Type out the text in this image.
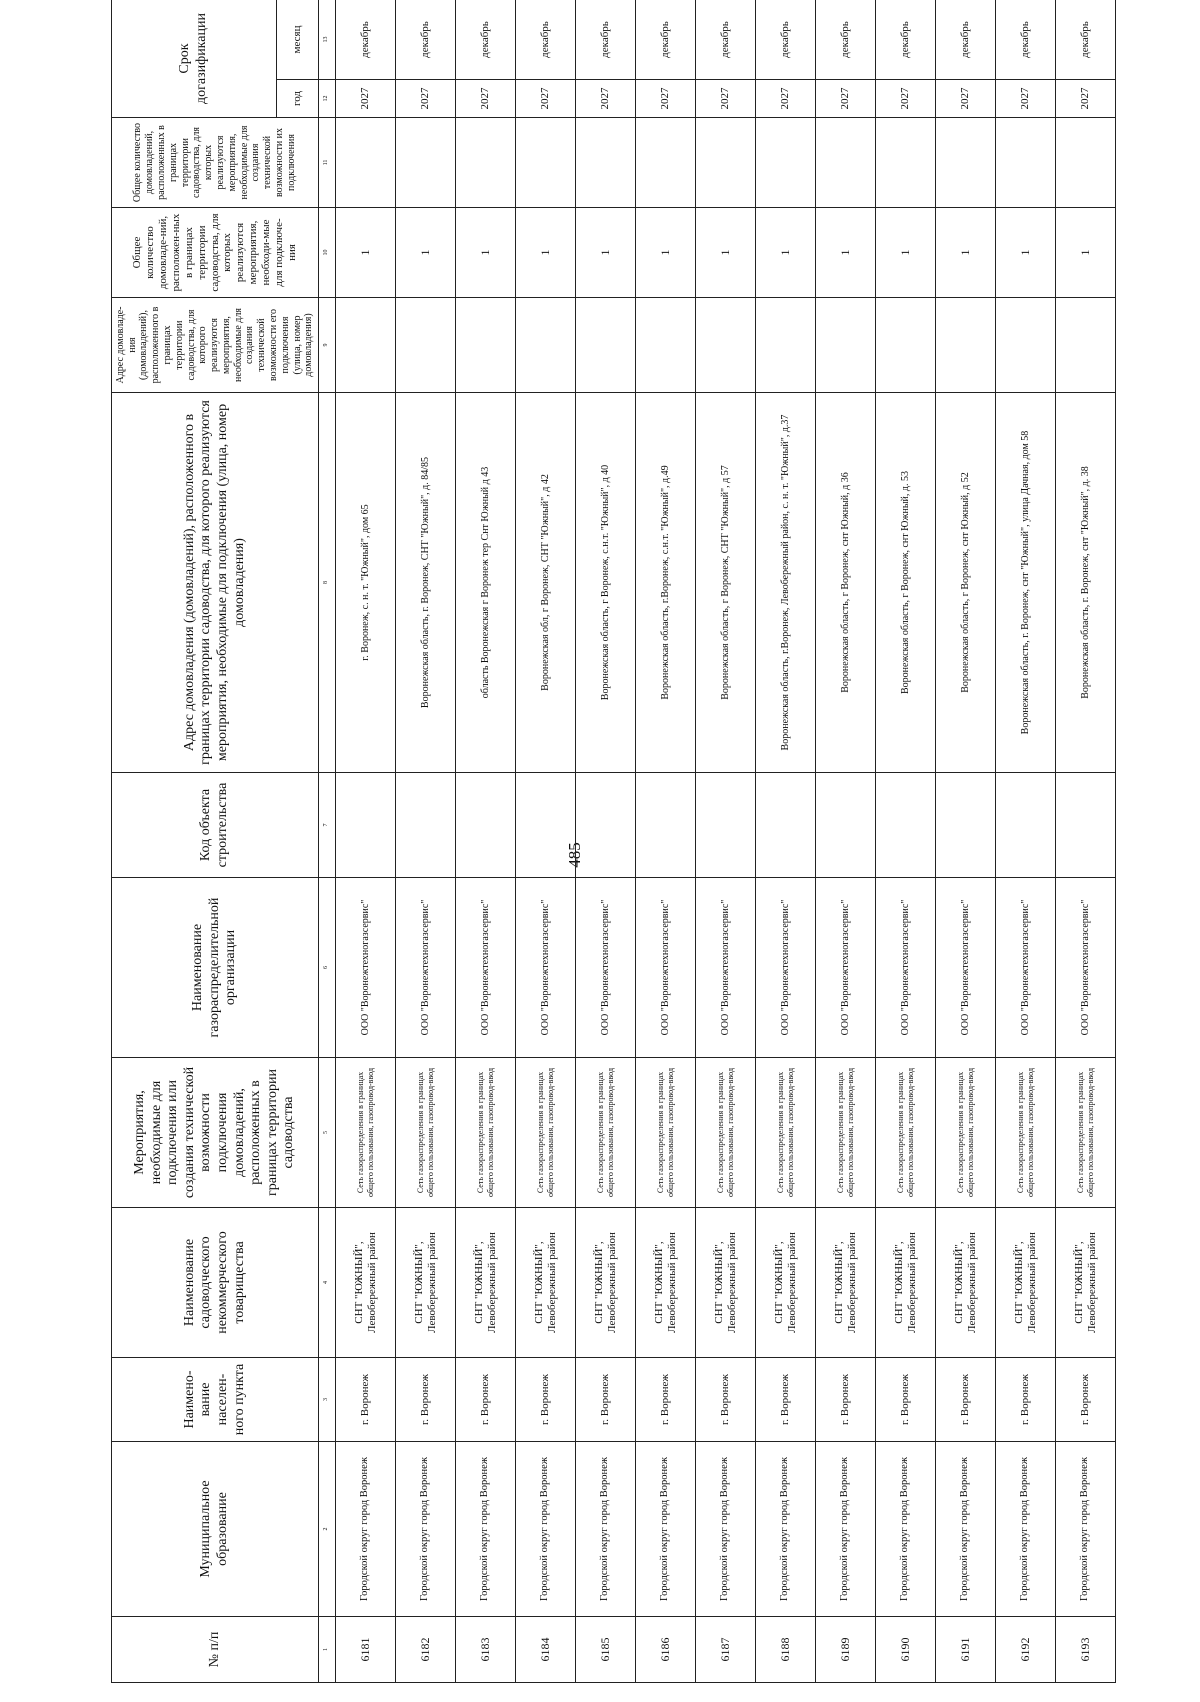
485
№ п/п	Муниципальное образование	Наимено-вание населен-ного пункта	Наименование садоводческого некоммерческого товарищества	Мероприятия, необходимые для подключения или создания технической возможности подключения домовладений, расположенных в границах территории садоводства	Наименование газораспределительной организации	Код объекта строительства	Адрес домовладения (домовладений), расположенного в границах территории садоводства, для которого реализуются мероприятия, необходимые для подключения (улица, номер домовладения)	Адрес домовладе-ния (домовладений), расположенного в границах территории садоводства, для которого реализуются мероприятия, необходимые для создания технической возможности его подключения (улица, номер домовладения)	Общее количество домовладе-ний, расположен-ных в границах территории садоводства, для которых реализуются мероприятия, необходи-мые для подключе-ния	Общее количество домовладений, расположенных в границах территории садоводства, для которых реализуются мероприятия, необходимые для создания технической возможности их подключения	Срок догазификации	
											год	месяц
1	2	3	4	5	6	7	8	9	10	11	12	13
6181	Городской округ город Воронеж	г. Воронеж	СНТ "ЮЖНЫЙ", Левобережный район	Сеть газораспределения в границах общего пользования, газопровод-ввод	ООО "Воронежтехногазсервис"		г. Воронеж, с. н. т. "Южный", дом 65		1		2027	декабрь
6182	Городской округ город Воронеж	г. Воронеж	СНТ "ЮЖНЫЙ", Левобережный район	Сеть газораспределения в границах общего пользования, газопровод-ввод	ООО "Воронежтехногазсервис"		Воронежская область, г. Воронеж, СНТ "Южный", д. 84/85		1		2027	декабрь
6183	Городской округ город Воронеж	г. Воронеж	СНТ "ЮЖНЫЙ", Левобережный район	Сеть газораспределения в границах общего пользования, газопровод-ввод	ООО "Воронежтехногазсервис"		область Воронежская г Воронеж тер Снт Южный д 43		1		2027	декабрь
6184	Городской округ город Воронеж	г. Воронеж	СНТ "ЮЖНЫЙ", Левобережный район	Сеть газораспределения в границах общего пользования, газопровод-ввод	ООО "Воронежтехногазсервис"		Воронежская обл, г Воронеж, СНТ "Южный", д 42		1		2027	декабрь
6185	Городской округ город Воронеж	г. Воронеж	СНТ "ЮЖНЫЙ", Левобережный район	Сеть газораспределения в границах общего пользования, газопровод-ввод	ООО "Воронежтехногазсервис"		Воронежская область, г Воронеж, с.н.т. "Южный", д 40		1		2027	декабрь
6186	Городской округ город Воронеж	г. Воронеж	СНТ "ЮЖНЫЙ", Левобережный район	Сеть газораспределения в границах общего пользования, газопровод-ввод	ООО "Воронежтехногазсервис"		Воронежская область, г.Воронеж, с.н.т. "Южный", д.49		1		2027	декабрь
6187	Городской округ город Воронеж	г. Воронеж	СНТ "ЮЖНЫЙ", Левобережный район	Сеть газораспределения в границах общего пользования, газопровод-ввод	ООО "Воронежтехногазсервис"		Воронежская область, г Воронеж, СНТ "Южный", д 57		1		2027	декабрь
6188	Городской округ город Воронеж	г. Воронеж	СНТ "ЮЖНЫЙ", Левобережный район	Сеть газораспределения в границах общего пользования, газопровод-ввод	ООО "Воронежтехногазсервис"		Воронежская область, г.Воронеж, Левобережный район, с. н. т. "Южный", д.37		1		2027	декабрь
6189	Городской округ город Воронеж	г. Воронеж	СНТ "ЮЖНЫЙ", Левобережный район	Сеть газораспределения в границах общего пользования, газопровод-ввод	ООО "Воронежтехногазсервис"		Воронежская область, г Воронеж, снт Южный, д 36		1		2027	декабрь
6190	Городской округ город Воронеж	г. Воронеж	СНТ "ЮЖНЫЙ", Левобережный район	Сеть газораспределения в границах общего пользования, газопровод-ввод	ООО "Воронежтехногазсервис"		Воронежская область, г Воронеж, снт Южный, д. 53		1		2027	декабрь
6191	Городской округ город Воронеж	г. Воронеж	СНТ "ЮЖНЫЙ", Левобережный район	Сеть газораспределения в границах общего пользования, газопровод-ввод	ООО "Воронежтехногазсервис"		Воронежская область, г Воронеж, снт Южный, д 52		1		2027	декабрь
6192	Городской округ город Воронеж	г. Воронеж	СНТ "ЮЖНЫЙ", Левобережный район	Сеть газораспределения в границах общего пользования, газопровод-ввод	ООО "Воронежтехногазсервис"		Воронежская область, г. Воронеж, снт "Южный", улица Дачная, дом 58		1		2027	декабрь
6193	Городской округ город Воронеж	г. Воронеж	СНТ "ЮЖНЫЙ", Левобережный район	Сеть газораспределения в границах общего пользования, газопровод-ввод	ООО "Воронежтехногазсервис"		Воронежская область, г. Воронеж, снт "Южный", д. 38		1		2027	декабрь
